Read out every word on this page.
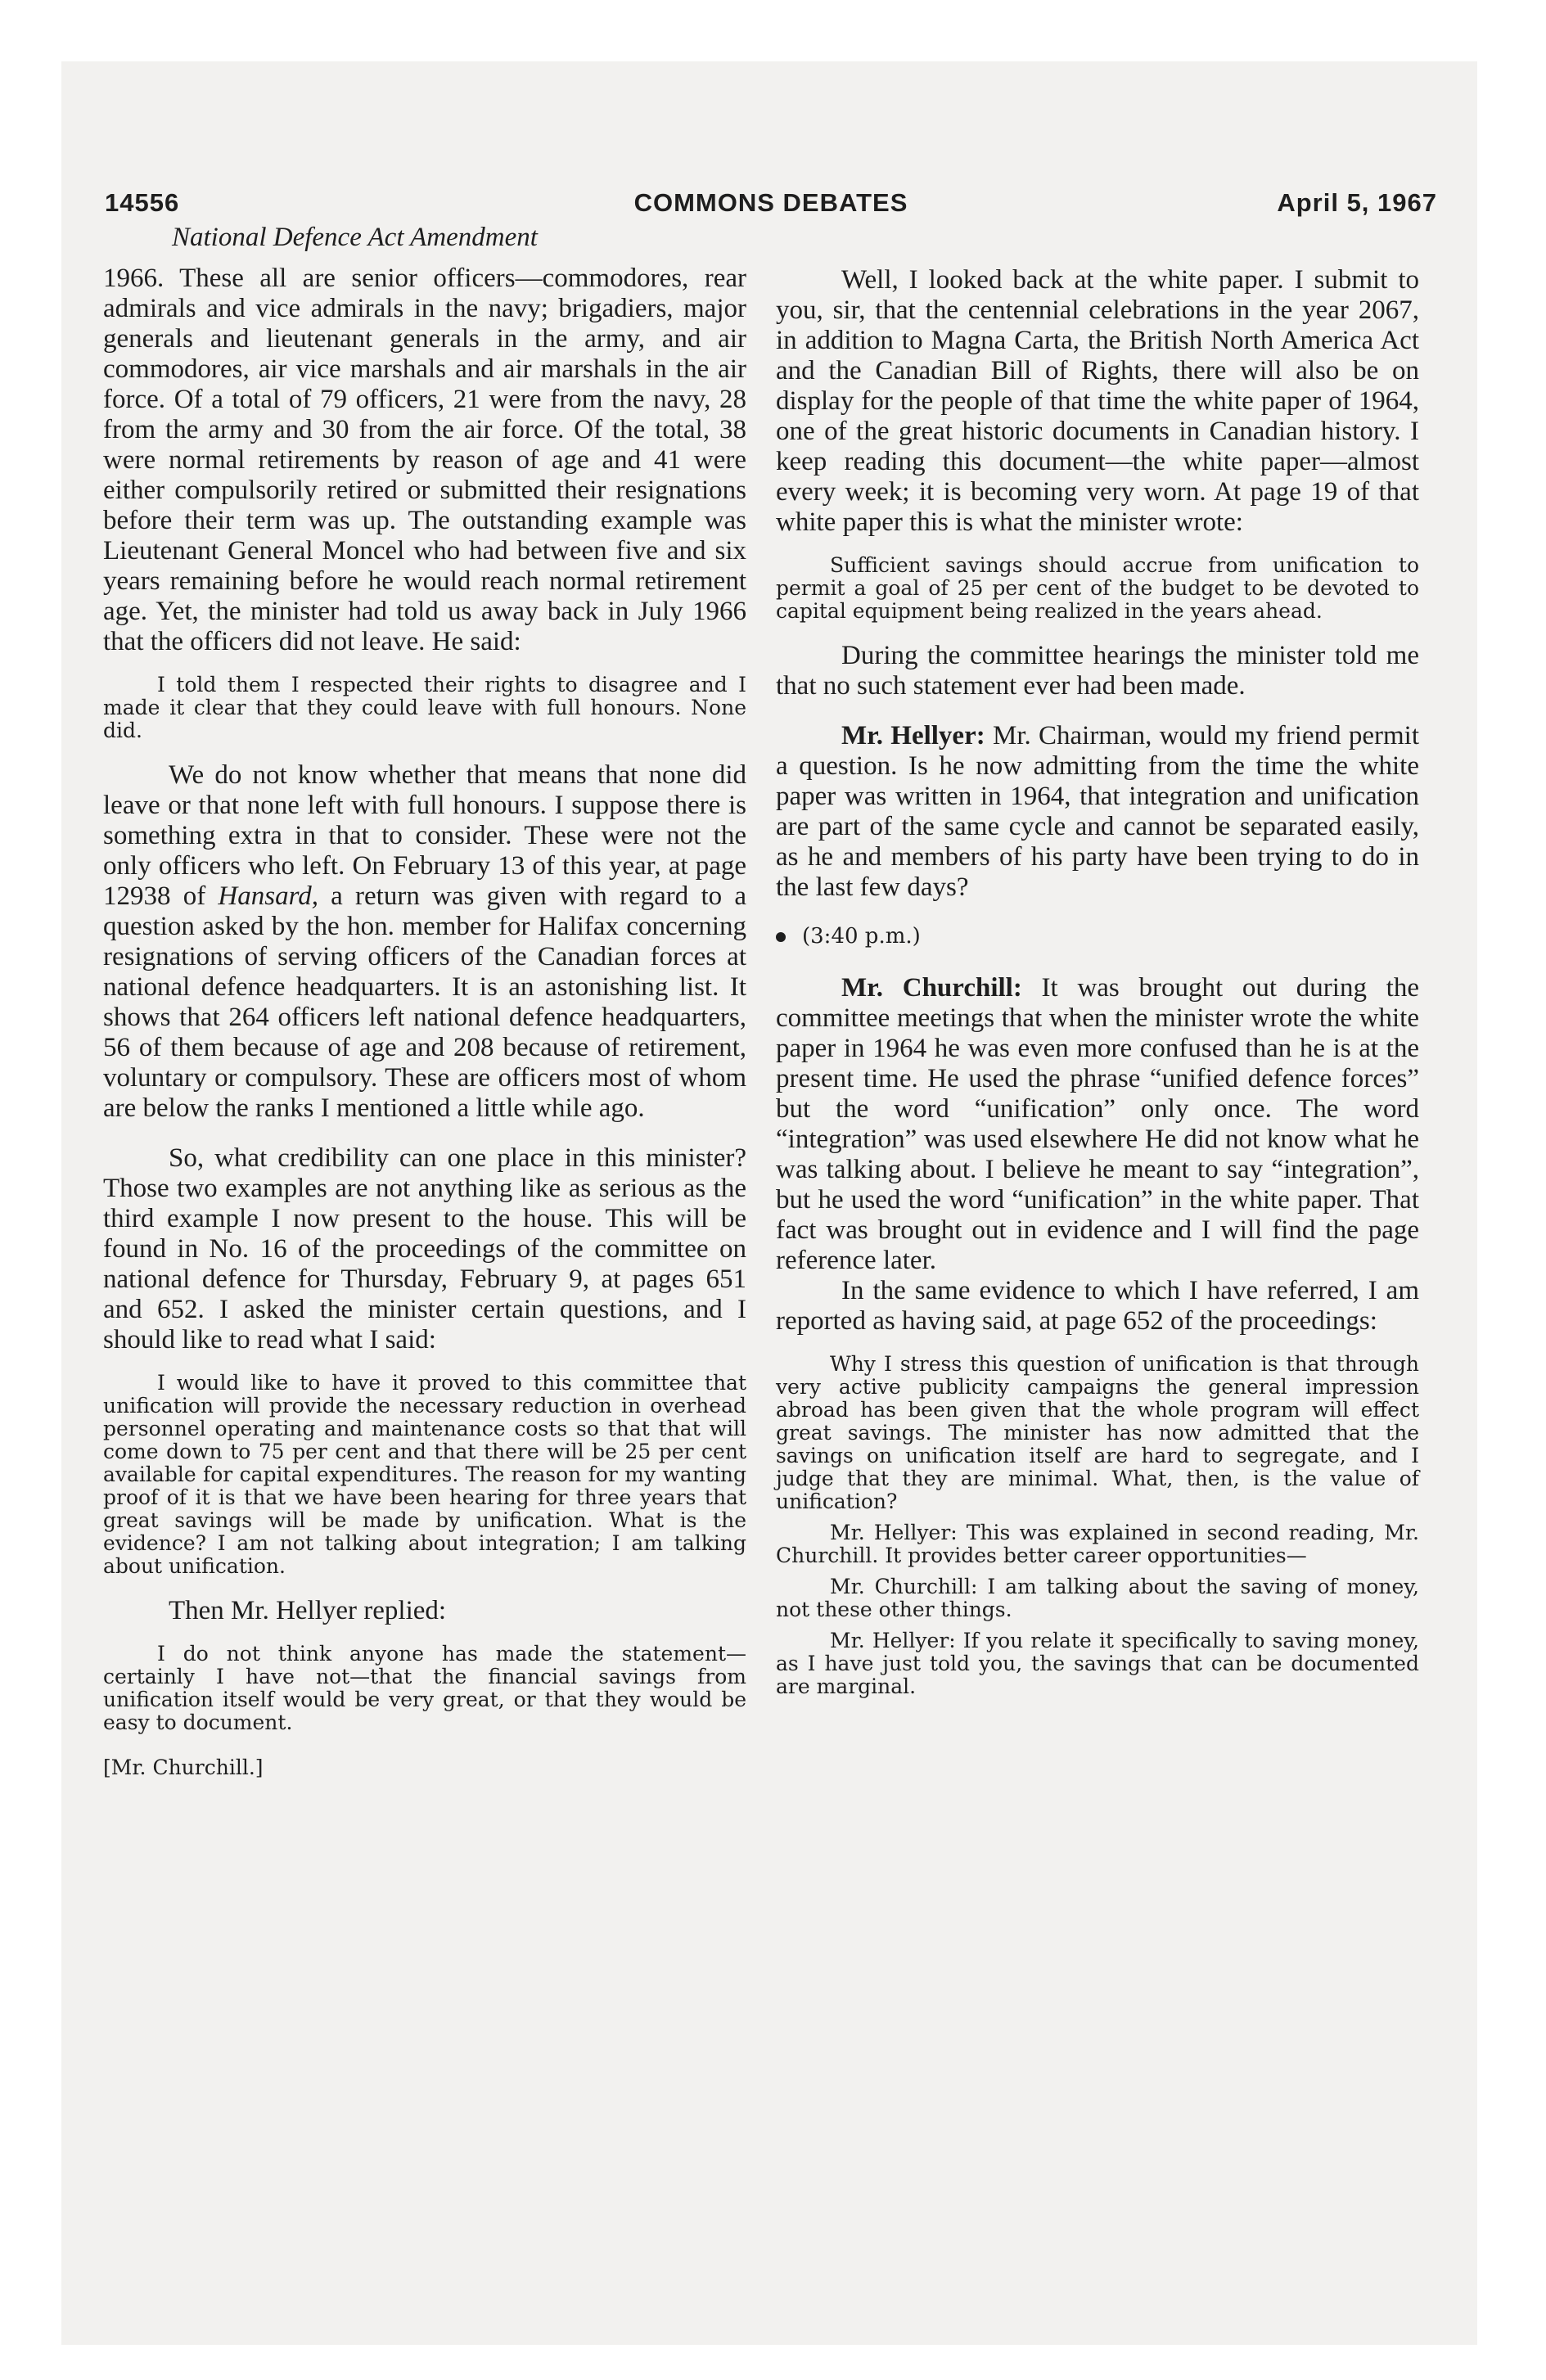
14556	COMMONS DEBATES	April 5, 1967
National Defence Act Amendment

1966. These all are senior officers—commodores, rear admirals and vice admirals in the navy; brigadiers, major generals and lieutenant generals in the army, and air commodores, air vice marshals and air marshals in the air force. Of a total of 79 officers, 21 were from the navy, 28 from the army and 30 from the air force. Of the total, 38 were normal retirements by reason of age and 41 were either compulsorily retired or submitted their resignations before their term was up. The outstanding example was Lieutenant General Moncel who had between five and six years remaining before he would reach normal retirement age. Yet, the minister had told us away back in July 1966 that the officers did not leave. He said:

I told them I respected their rights to disagree and I made it clear that they could leave with full honours. None did.

We do not know whether that means that none did leave or that none left with full honours. I suppose there is something extra in that to consider. These were not the only officers who left. On February 13 of this year, at page 12938 of Hansard, a return was given with regard to a question asked by the hon. member for Halifax concerning resignations of serving officers of the Canadian forces at national defence headquarters. It is an astonishing list. It shows that 264 officers left national defence headquarters, 56 of them because of age and 208 because of retirement, voluntary or compulsory. These are officers most of whom are below the ranks I mentioned a little while ago.

So, what credibility can one place in this minister? Those two examples are not anything like as serious as the third example I now present to the house. This will be found in No. 16 of the proceedings of the committee on national defence for Thursday, February 9, at pages 651 and 652. I asked the minister certain questions, and I should like to read what I said:

I would like to have it proved to this committee that unification will provide the necessary reduction in overhead personnel operating and maintenance costs so that that will come down to 75 per cent and that there will be 25 per cent available for capital expenditures. The reason for my wanting proof of it is that we have been hearing for three years that great savings will be made by unification. What is the evidence? I am not talking about integration; I am talking about unification.

Then Mr. Hellyer replied:

I do not think anyone has made the statement—certainly I have not—that the financial savings from unification itself would be very great, or that they would be easy to document.

[Mr. Churchill.]

Well, I looked back at the white paper. I submit to you, sir, that the centennial celebrations in the year 2067, in addition to Magna Carta, the British North America Act and the Canadian Bill of Rights, there will also be on display for the people of that time the white paper of 1964, one of the great historic documents in Canadian history. I keep reading this document—the white paper—almost every week; it is becoming very worn. At page 19 of that white paper this is what the minister wrote:

Sufficient savings should accrue from unification to permit a goal of 25 per cent of the budget to be devoted to capital equipment being realized in the years ahead.

During the committee hearings the minister told me that no such statement ever had been made.

Mr. Hellyer: Mr. Chairman, would my friend permit a question. Is he now admitting from the time the white paper was written in 1964, that integration and unification are part of the same cycle and cannot be separated easily, as he and members of his party have been trying to do in the last few days?

(3:40 p.m.)

Mr. Churchill: It was brought out during the committee meetings that when the minister wrote the white paper in 1964 he was even more confused than he is at the present time. He used the phrase “unified defence forces” but the word “unification” only once. The word “integration” was used elsewhere He did not know what he was talking about. I believe he meant to say “integration”, but he used the word “unification” in the white paper. That fact was brought out in evidence and I will find the page reference later.

In the same evidence to which I have referred, I am reported as having said, at page 652 of the proceedings:

Why I stress this question of unification is that through very active publicity campaigns the general impression abroad has been given that the whole program will effect great savings. The minister has now admitted that the savings on unification itself are hard to segregate, and I judge that they are minimal. What, then, is the value of unification?

Mr. Hellyer: This was explained in second reading, Mr. Churchill. It provides better career opportunities—

Mr. Churchill: I am talking about the saving of money, not these other things.

Mr. Hellyer: If you relate it specifically to saving money, as I have just told you, the savings that can be documented are marginal.
